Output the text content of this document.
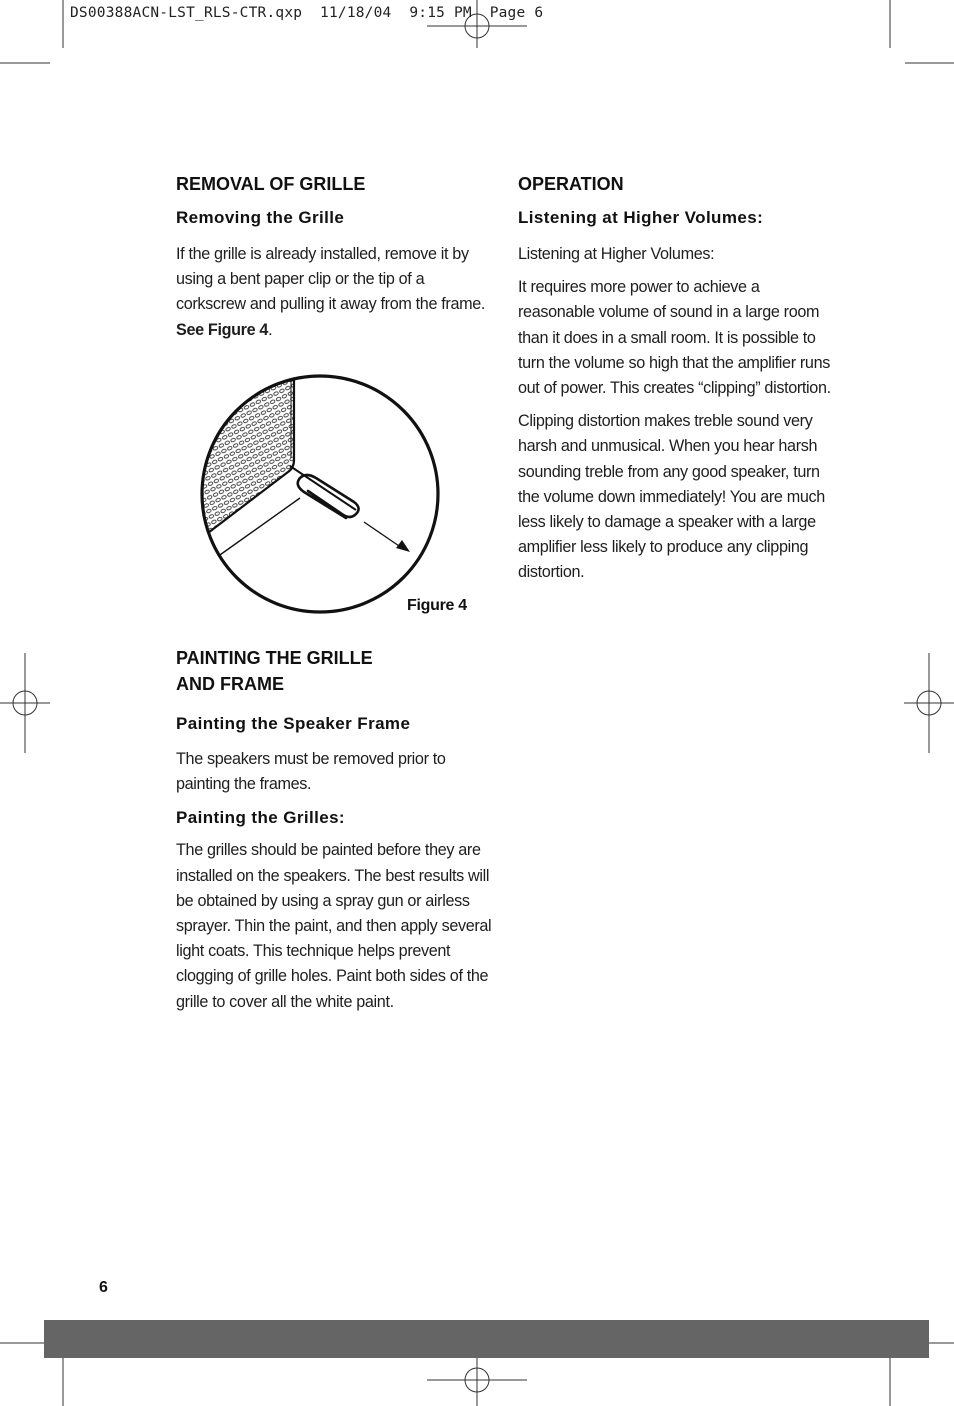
DS00388ACN-LST_RLS-CTR.qxp  11/18/04  9:15 PM  Page 6
REMOVAL OF GRILLE
Removing the Grille

If the grille is already installed, remove it by using a bent paper clip or the tip of a corkscrew and pulling it away from the frame. See Figure 4.

Figure 4
PAINTING THE GRILLE
AND FRAME
Painting the Speaker Frame

The speakers must be removed prior to painting the frames.

Painting the Grilles:

The grilles should be painted before they are installed on the speakers. The best results will be obtained by using a spray gun or airless sprayer. Thin the paint, and then apply several light coats. This technique helps prevent clogging of grille holes. Paint both sides of the grille to cover all the white paint.

OPERATION
Listening at Higher Volumes:

Listening at Higher Volumes:

It requires more power to achieve a reasonable volume of sound in a large room than it does in a small room. It is possible to turn the volume so high that the amplifier runs out of power. This creates “clipping” distortion.

Clipping distortion makes treble sound very harsh and unmusical. When you hear harsh sounding treble from any good speaker, turn the volume down immediately! You are much less likely to damage a speaker with a large amplifier less likely to produce any clipping distortion.

6
